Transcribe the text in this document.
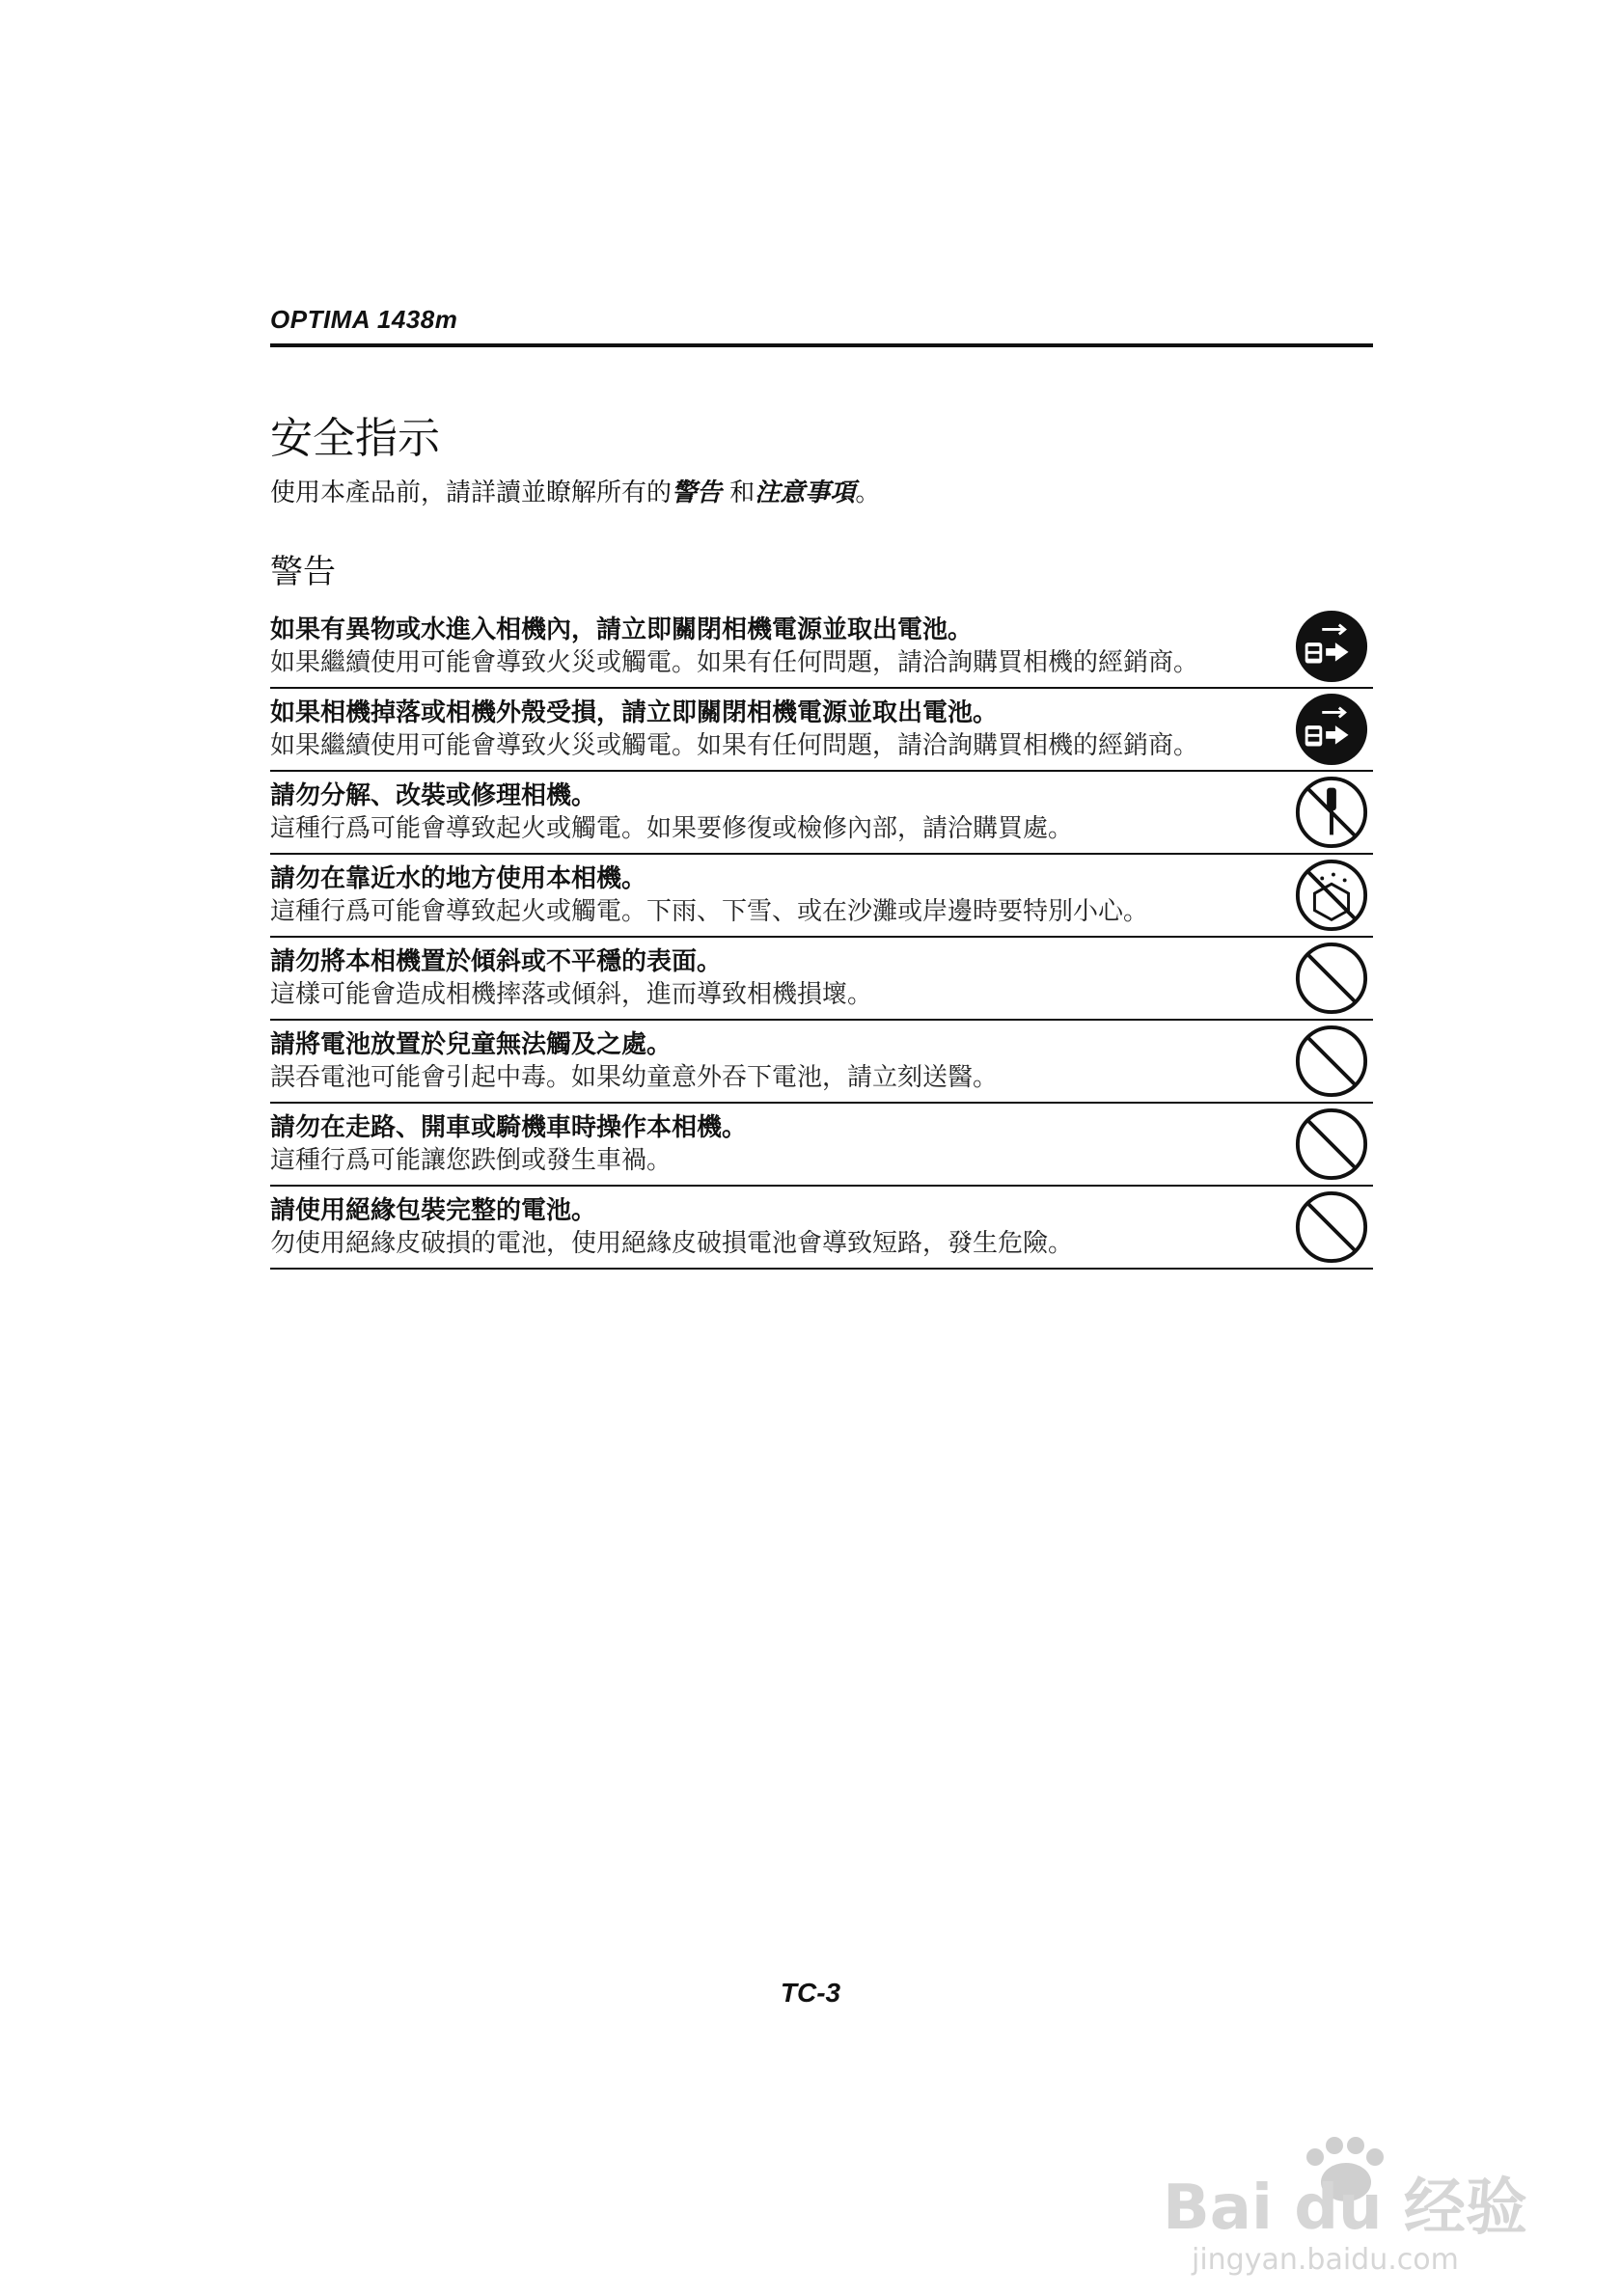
OPTIMA 1438m
安全指示
使用本產品前，請詳讀並瞭解所有的警告 和注意事項。
警告
如果有異物或水進入相機內，請立即關閉相機電源並取出電池。
如果繼續使用可能會導致火災或觸電。如果有任何問題，請洽詢購買相機的經銷商。
如果相機掉落或相機外殼受損，請立即關閉相機電源並取出電池。
如果繼續使用可能會導致火災或觸電。如果有任何問題，請洽詢購買相機的經銷商。
請勿分解、改裝或修理相機。
這種行爲可能會導致起火或觸電。如果要修復或檢修內部，請洽購買處。
請勿在靠近水的地方使用本相機。
這種行爲可能會導致起火或觸電。下雨、下雪、或在沙灘或岸邊時要特別小心。
請勿將本相機置於傾斜或不平穩的表面。
這樣可能會造成相機摔落或傾斜，進而導致相機損壞。
請將電池放置於兒童無法觸及之處。
誤吞電池可能會引起中毒。如果幼童意外吞下電池，請立刻送醫。
請勿在走路、開車或騎機車時操作本相機。
這種行爲可能讓您跌倒或發生車禍。
請使用絕緣包裝完整的電池。
勿使用絕緣皮破損的電池，使用絕緣皮破損電池會導致短路，發生危險。
TC-3
Bai du 经验
jingyan.baidu.com
